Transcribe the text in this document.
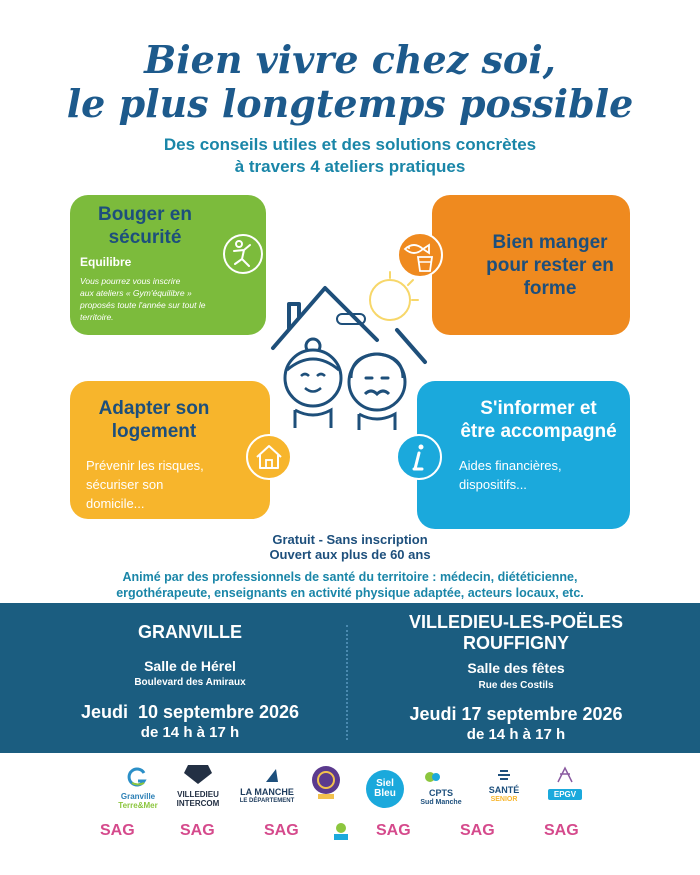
Bien vivre chez soi,
le plus longtemps possible
Des conseils utiles et des solutions concrètes
à travers 4 ateliers pratiques
Bouger en
sécurité
Equilibre
Vous pourrez vous inscrire
aux ateliers « Gym'équilibre »
proposés toute l'année sur tout le
territoire.
Bien manger
pour rester en
forme
Adapter son
logement
Prévenir les risques,
sécuriser son
domicile...
S'informer et
être accompagné
Aides financières,
dispositifs...
Gratuit - Sans inscription
Ouvert aux plus de 60 ans
Animé par des professionnels de santé du territoire : médecin, diététicienne,
ergothérapeute, enseignants en activité physique adaptée, acteurs locaux, etc.
GRANVILLE
Salle de Hérel
Boulevard des Amiraux
Jeudi  10 septembre 2026
de 14 h à 17 h
VILLEDIEU-LES-POËLES
ROUFFIGNY
Salle des fêtes
Rue des Costils
Jeudi 17 septembre 2026
de 14 h à 17 h
Granville
Terre&Mer
VILLEDIEU
INTERCOM
LA MANCHE
LE DÉPARTEMENT
Siel
Bleu	CPTS
Sud Manche
SANTÉ
SENIOR
EPGV
SAG	SAG	SAG	SAG	SAG	SAG
